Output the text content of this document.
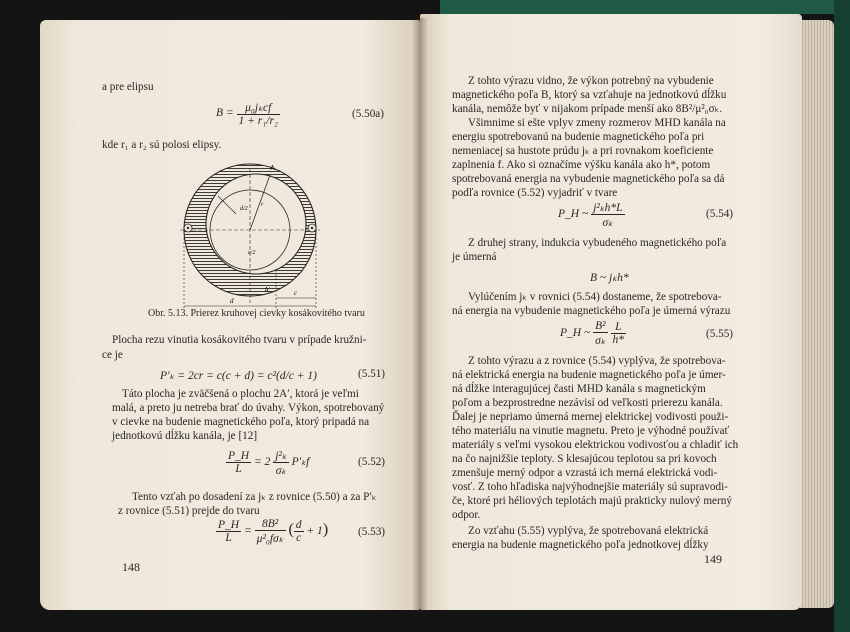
a pre elipsu
$B = \frac{\text{μ₀jₖcf}}{\text{1 + r₁/r₂}}$	(5.50a)
kde r₁ a r₂ sú polosi elipsy.
A
A′
d/2
c/2
r
d
c
Obr. 5.13. Prierez kruhovej cievky kosákovitého tvaru
Plocha rezu vinutia kosákovitého tvaru v prípade kružni-
ce je
P′ₖ = 2cr = c(c + d) = c²(d/c + 1)	(5.51)
Táto plocha je zväčšená o plochu 2A′, ktorá je veľmi
malá, a preto ju netreba brať do úvahy. Výkon, spotrebovaný
v cievke na budenie magnetického poľa, ktorý pripadá na
jednotkovú dĺžku kanála, je [12]
$\frac{P\_H}{L} = 2 \frac{\text{j²ₖ}}{\text{σₖ}} P'_kf$	(5.52)
Tento vzťah po dosadení za jₖ z rovnice (5.50) a za P′ₖ
z rovnice (5.51) prejde do tvaru
$\frac{P\_H}{L} = \frac{\text{8B²}}{\text{μ²₀fσₖ}}$ ( $\frac{d}{c} + 1$)	(5.53)
148
Z tohto výrazu vidno, že výkon potrebný na vybudenie
magnetického poľa B, ktorý sa vzťahuje na jednotkovú dĺžku
kanála, nemôže byť v nijakom prípade menší ako 8B²/μ²₀σₖ.
Všimnime si ešte vplyv zmeny rozmerov MHD kanála na
energiu spotrebovanú na budenie magnetického poľa pri
nemeniacej sa hustote prúdu jₖ a pri rovnakom koeficiente
zaplnenia f. Ako si označíme výšku kanála ako h*, potom
spotrebovaná energia na vybudenie magnetického poľa sa dá
podľa rovnice (5.52) vyjadriť v tvare
P_H ~ $\frac{\text{j²ₖh*L}}{\text{σₖ}}$	(5.54)
Z druhej strany, indukcia vybudeného magnetického poľa
je úmerná
B ~ jₖh*
Vylúčením jₖ v rovnici (5.54) dostaneme, že spotrebova-
ná energia na vybudenie magnetického poľa je úmerná výrazu
P_H ~ $\frac{\text{B²}}{\text{σₖ}}$
$\frac{L}{h*}$	(5.55)
Z tohto výrazu a z rovnice (5.54) vyplýva, že spotrebova-
ná elektrická energia na budenie magnetického poľa je úmer-
ná dĺžke interagujúcej časti MHD kanála s magnetickým
poľom a bezprostredne nezávisí od veľkosti prierezu kanála.
Ďalej je nepriamo úmerná mernej elektrickej vodivosti použi-
tého materiálu na vinutie magnetu. Preto je výhodné používať
materiály s veľmi vysokou elektrickou vodivosťou a chladiť ich
na čo najnižšie teploty. S klesajúcou teplotou sa pri kovoch
zmenšuje merný odpor a vzrastá ich merná elektrická vodi-
vosť. Z toho hľadiska najvýhodnejšie materiály sú supravodi-
če, ktoré pri héliových teplotách majú prakticky nulový merný
odpor.
Zo vzťahu (5.55) vyplýva, že spotrebovaná elektrická
energia na budenie magnetického poľa jednotkovej dĺžky
149
